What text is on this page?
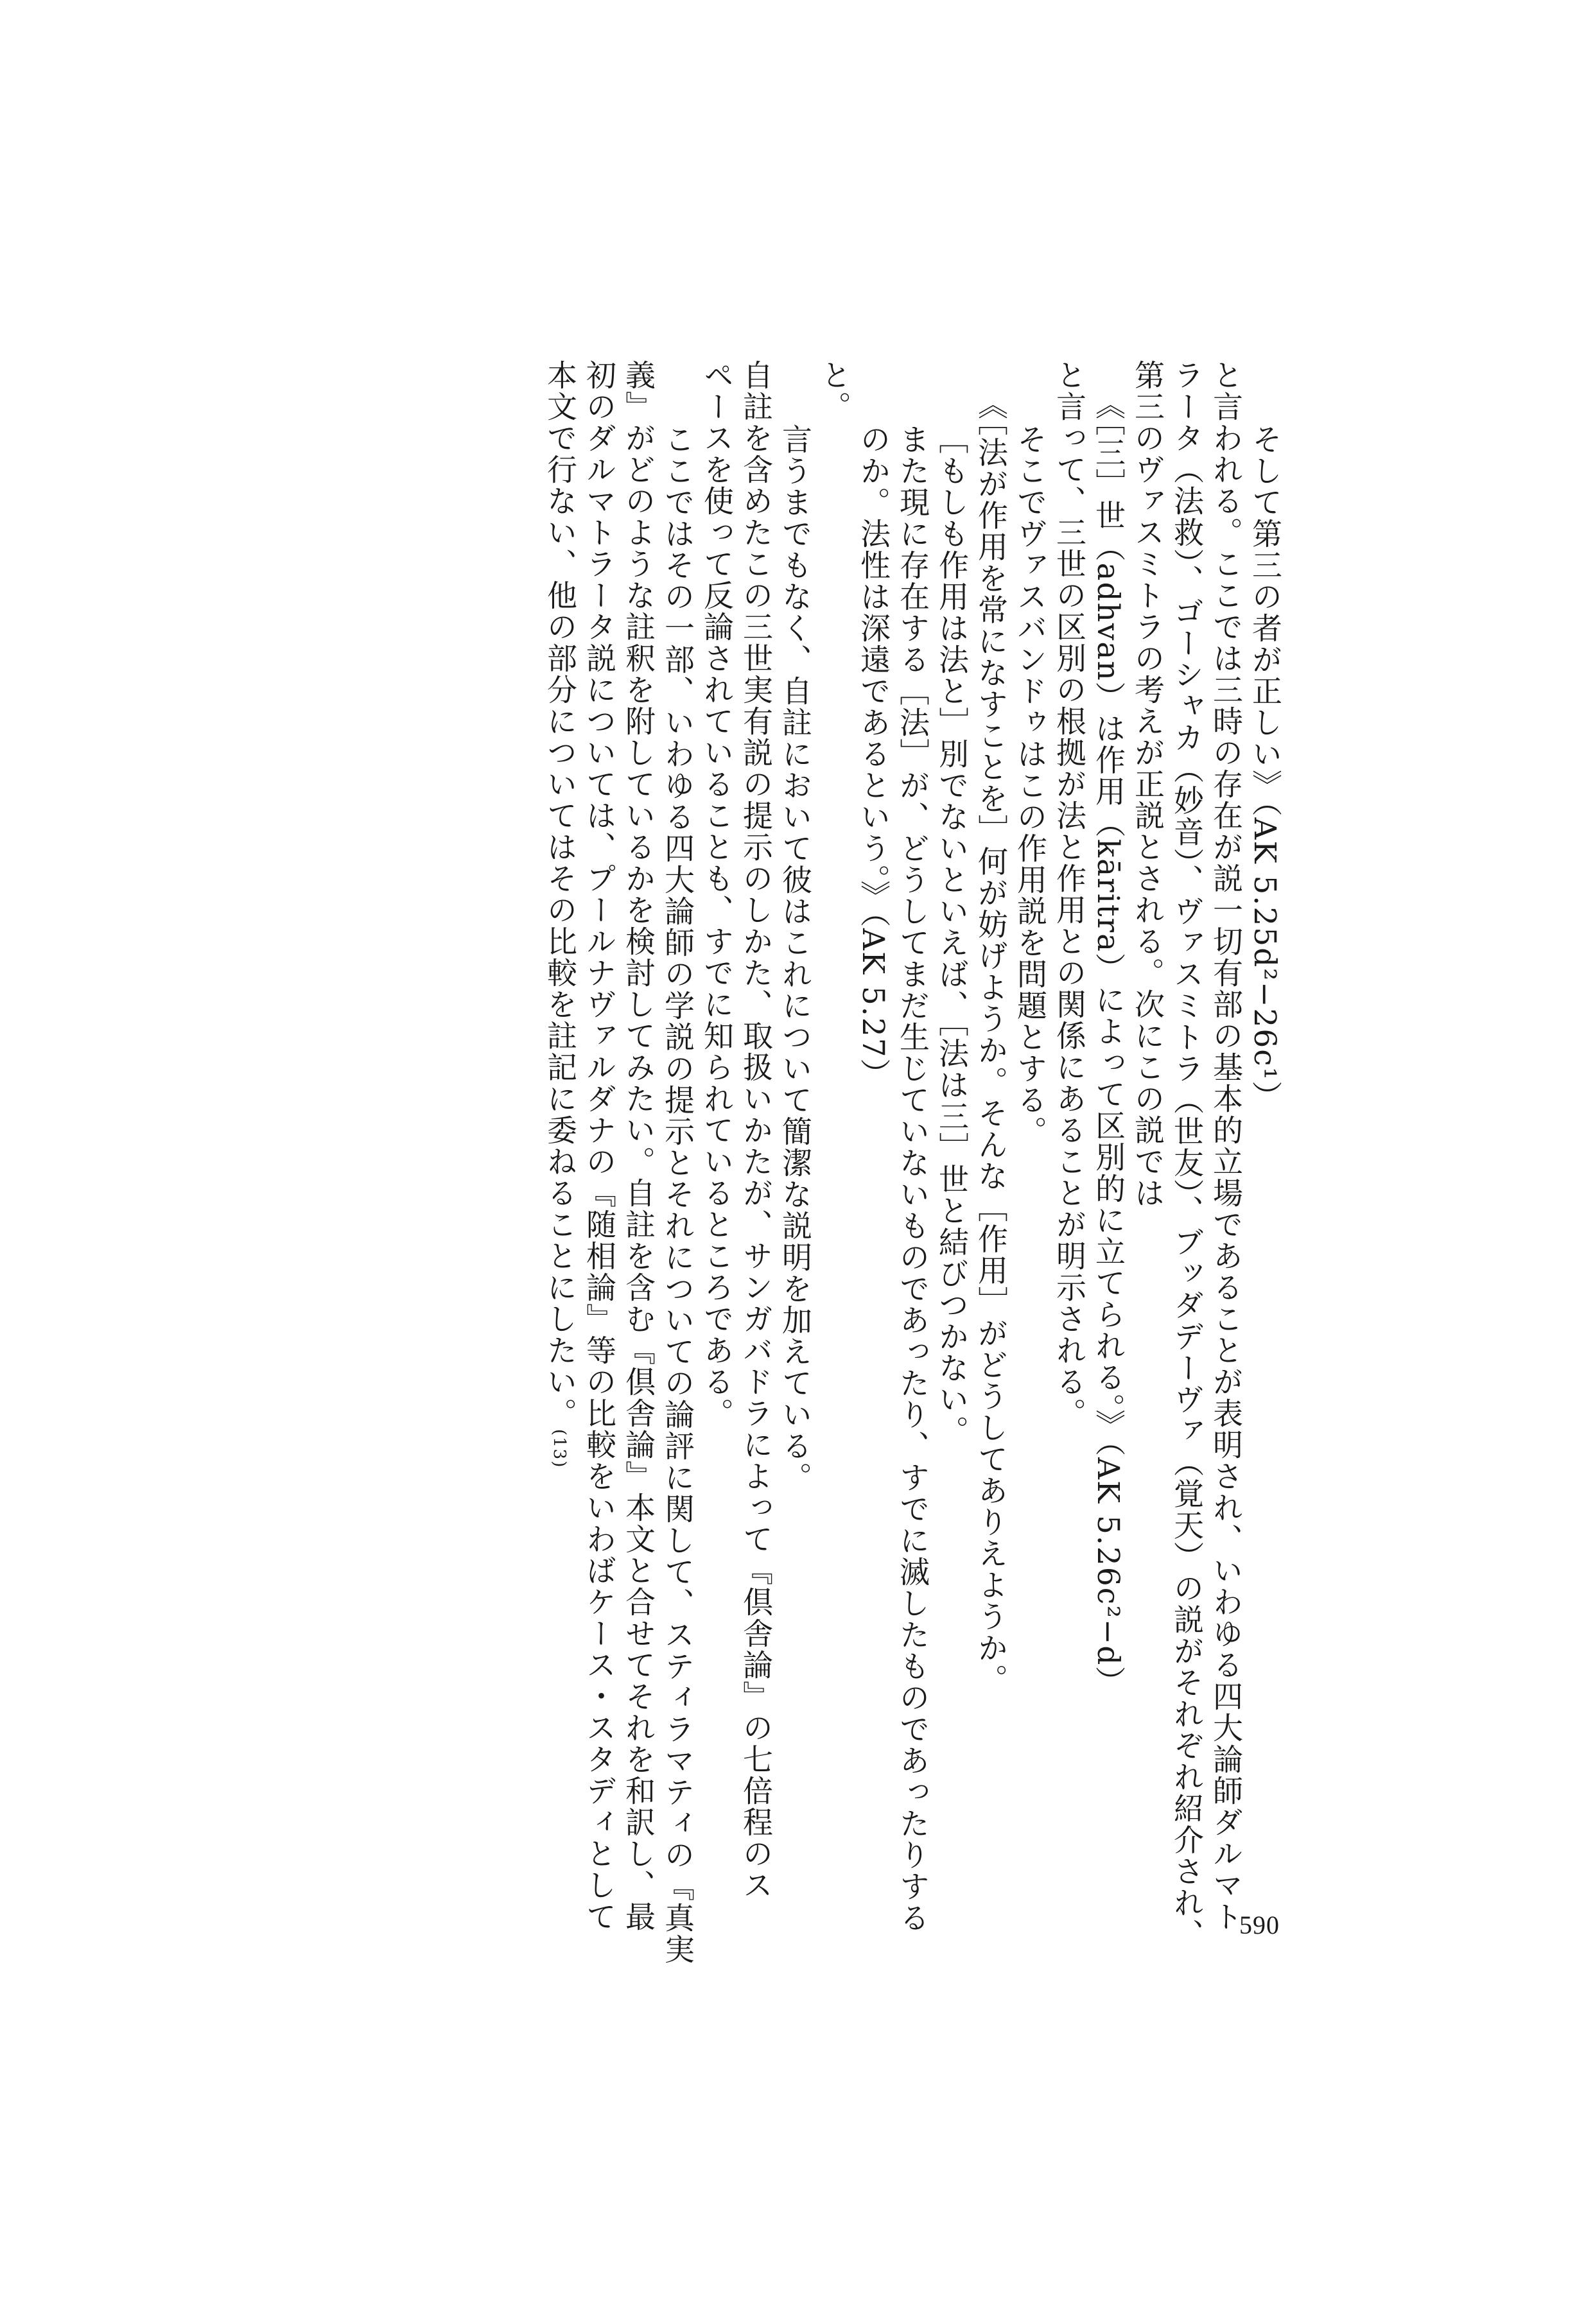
そして第三の者が正しい》（AK 5.25d²−26c¹）
と言われる。ここでは三時の存在が説一切有部の基本的立場であることが表明され、いわゆる四大論師ダルマト
ラータ（法救）、ゴーシャカ（妙音）、ヴァスミトラ（世友）、ブッダデーヴァ（覚天）の説がそれぞれ紹介され、
第三のヴァスミトラの考えが正説とされる。次にこの説では
《［三］世（adhvan）は作用（kāritra）によって区別的に立てられる。》（AK 5.26c²−d）
と言って、三世の区別の根拠が法と作用との関係にあることが明示される。
そこでヴァスバンドゥはこの作用説を問題とする。
《［法が作用を常になすことを］何が妨げようか。そんな［作用］がどうしてありえようか。
［もしも作用は法と］別でないといえば、［法は三］世と結びつかない。
また現に存在する［法］が、どうしてまだ生じていないものであったり、すでに滅したものであったりする
のか。法性は深遠であるという。》（AK 5.27）
と。
言うまでもなく、自註において彼はこれについて簡潔な説明を加えている。
自註を含めたこの三世実有説の提示のしかた、取扱いかたが、サンガバドラによって『倶舎論』の七倍程のス
ペースを使って反論されていることも、すでに知られているところである。
ここではその一部、いわゆる四大論師の学説の提示とそれについての論評に関して、スティラマティの『真実
義』がどのような註釈を附しているかを検討してみたい。自註を含む『倶舎論』本文と合せてそれを和訳し、最
初のダルマトラータ説については、プールナヴァルダナの『随相論』等の比較をいわばケース・スタディとして
本文で行ない、他の部分についてはその比較を註記に委ねることにしたい。(13)
590
